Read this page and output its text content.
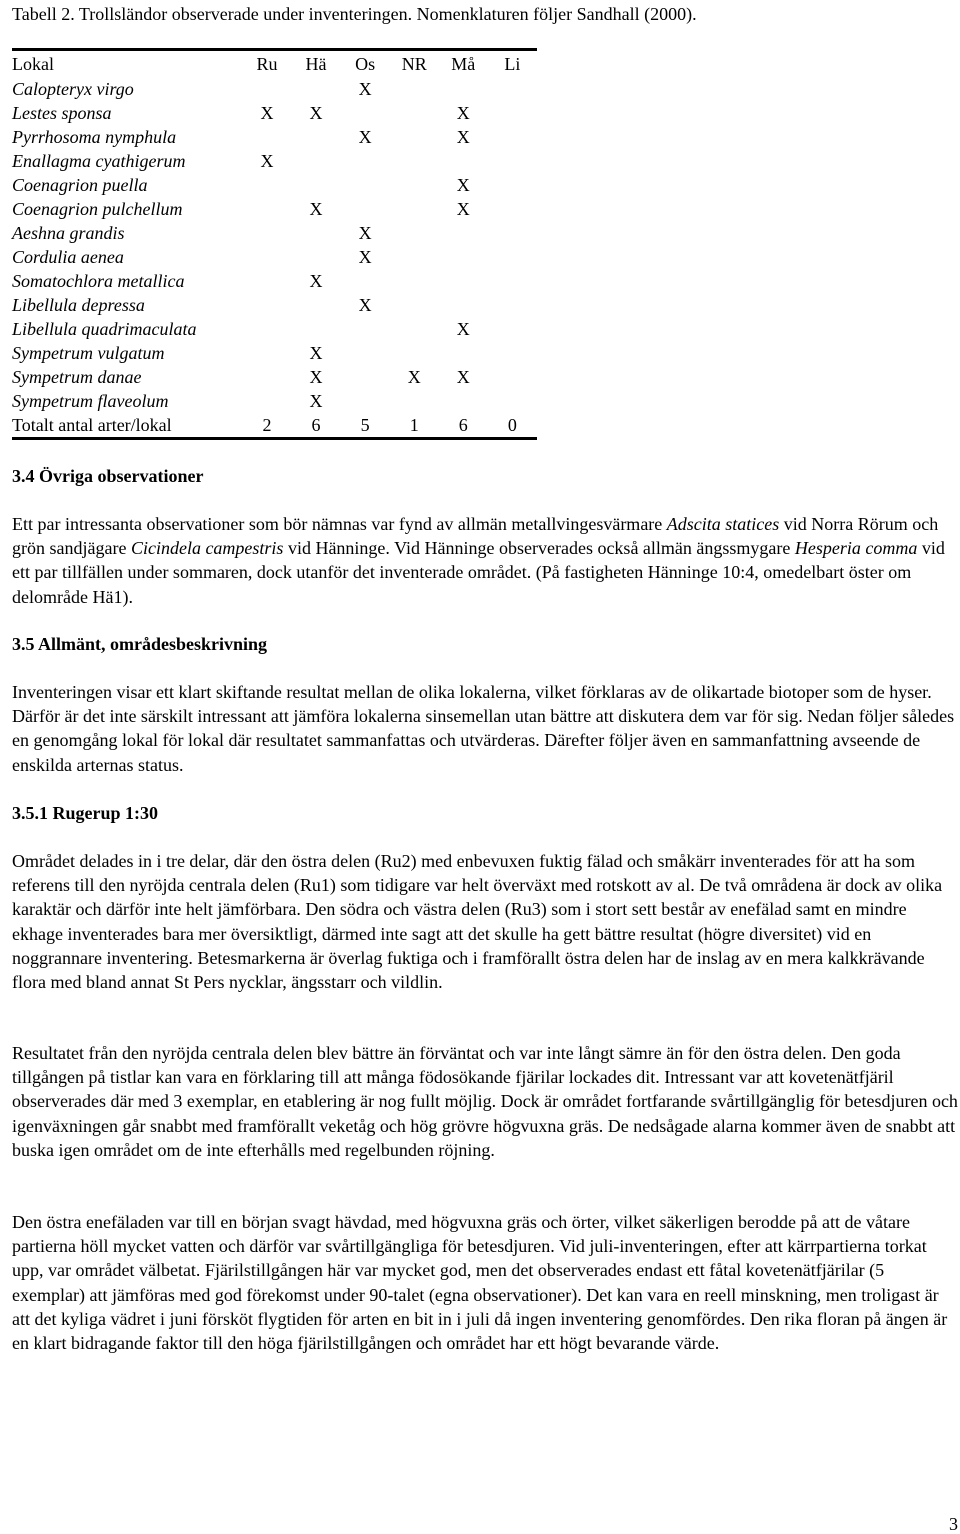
Tabell 2. Trollsländor observerade under inventeringen. Nomenklaturen följer Sandhall (2000).
Lokal	Ru	Hä	Os	NR	Må	Li
Calopteryx virgo			X			
Lestes sponsa	X	X			X	
Pyrrhosoma nymphula			X		X	
Enallagma cyathigerum	X					
Coenagrion puella					X	
Coenagrion pulchellum		X			X	
Aeshna grandis			X			
Cordulia aenea			X			
Somatochlora metallica		X				
Libellula depressa			X			
Libellula quadrimaculata					X	
Sympetrum vulgatum		X				
Sympetrum danae		X		X	X	
Sympetrum flaveolum		X				
Totalt antal arter/lokal	2	6	5	1	6	0
3.4 Övriga observationer
Ett par intressanta observationer som bör nämnas var fynd av allmän metallvingesvärmare Adscita statices vid Norra Rörum och grön sandjägare Cicindela campestris vid Hänninge. Vid Hänninge observerades också allmän ängssmygare Hesperia comma vid ett par tillfällen under sommaren, dock utanför det inventerade området. (På fastigheten Hänninge 10:4, omedelbart öster om delområde Hä1).
3.5 Allmänt, områdesbeskrivning
Inventeringen visar ett klart skiftande resultat mellan de olika lokalerna, vilket förklaras av de olikartade biotoper som de hyser. Därför är det inte särskilt intressant att jämföra lokalerna sinsemellan utan bättre att diskutera dem var för sig. Nedan följer således en genomgång lokal för lokal där resultatet sammanfattas och utvärderas. Därefter följer även en sammanfattning avseende de enskilda arternas status.
3.5.1 Rugerup 1:30
Området delades in i tre delar, där den östra delen (Ru2) med enbevuxen fuktig fälad och småkärr inventerades för att ha som referens till den nyröjda centrala delen (Ru1) som tidigare var helt överväxt med rotskott av al. De två områdena är dock av olika karaktär och därför inte helt jämförbara. Den södra och västra delen (Ru3) som i stort sett består av enefälad samt en mindre ekhage inventerades bara mer översiktligt, därmed inte sagt att det skulle ha gett bättre resultat (högre diversitet) vid en noggrannare inventering. Betesmarkerna är överlag fuktiga och i framförallt östra delen har de inslag av en mera kalkkrävande flora med bland annat St Pers nycklar, ängsstarr och vildlin.
Resultatet från den nyröjda centrala delen blev bättre än förväntat och var inte långt sämre än för den östra delen. Den goda tillgången på tistlar kan vara en förklaring till att många födosökande fjärilar lockades dit. Intressant var att kovetenätfjäril observerades där med 3 exemplar, en etablering är nog fullt möjlig. Dock är området fortfarande svårtillgänglig för betesdjuren och igenväxningen går snabbt med framförallt veketåg och hög grövre högvuxna gräs. De nedsågade alarna kommer även de snabbt att buska igen området om de inte efterhålls med regelbunden röjning.
Den östra enefäladen var till en början svagt hävdad, med högvuxna gräs och örter, vilket säkerligen berodde på att de våtare partierna höll mycket vatten och därför var svårtillgängliga för betesdjuren. Vid juli-inventeringen, efter att kärrpartierna torkat upp, var området välbetat. Fjärilstillgången här var mycket god, men det observerades endast ett fåtal kovetenätfjärilar (5 exemplar) att jämföras med god förekomst under 90-talet (egna observationer). Det kan vara en reell minskning, men troligast är att det kyliga vädret i juni försköt flygtiden för arten en bit in i juli då ingen inventering genomfördes. Den rika floran på ängen är en klart bidragande faktor till den höga fjärilstillgången och området har ett högt bevarande värde.
3
